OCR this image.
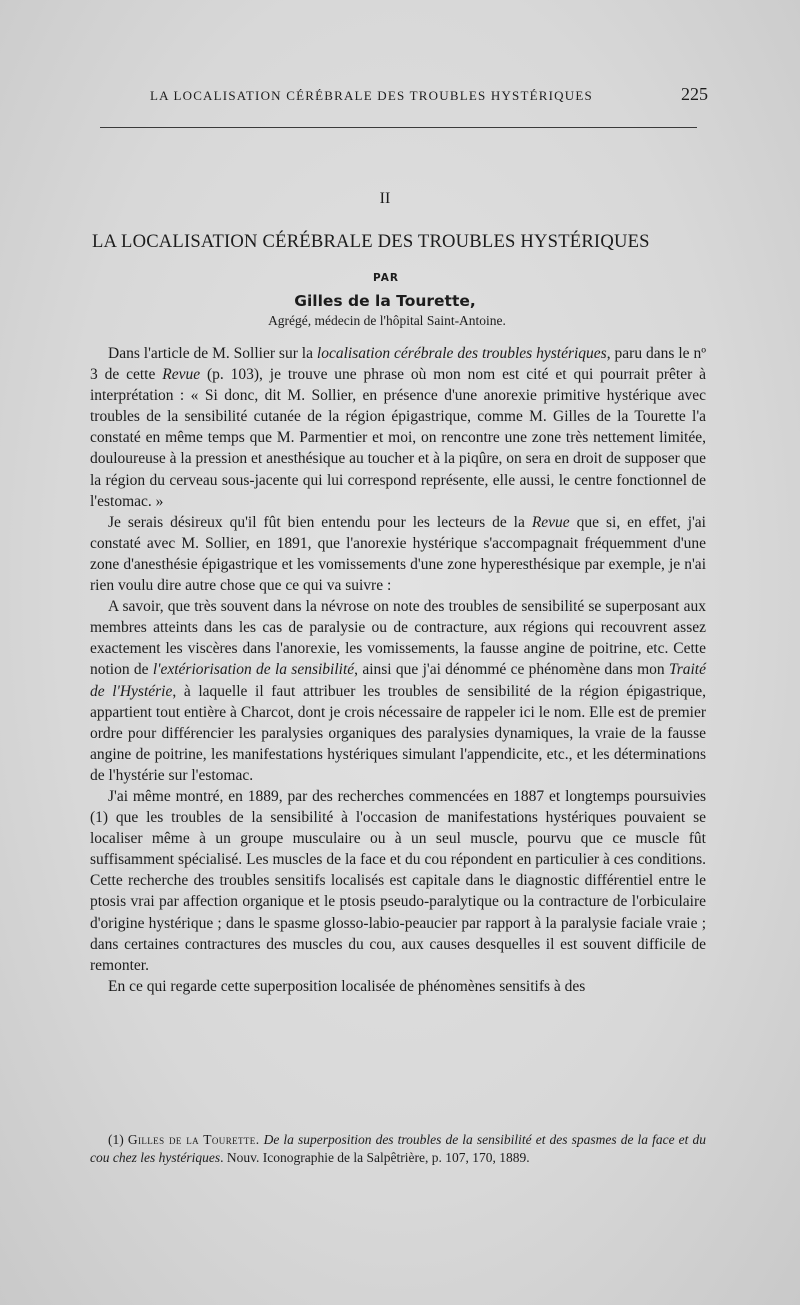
LA LOCALISATION CÉRÉBRALE DES TROUBLES HYSTÉRIQUES	225
II
LA LOCALISATION CÉRÉBRALE DES TROUBLES HYSTÉRIQUES
PAR
Gilles de la Tourette,
Agrégé, médecin de l'hôpital Saint-Antoine.

Dans l'article de M. Sollier sur la localisation cérébrale des troubles hystériques, paru dans le nº 3 de cette Revue (p. 103), je trouve une phrase où mon nom est cité et qui pourrait prêter à interprétation : « Si donc, dit M. Sollier, en présence d'une anorexie primitive hystérique avec troubles de la sensibilité cutanée de la région épigastrique, comme M. Gilles de la Tourette l'a constaté en même temps que M. Parmentier et moi, on rencontre une zone très nettement limitée, douloureuse à la pression et anesthésique au toucher et à la piqûre, on sera en droit de supposer que la région du cerveau sous-jacente qui lui correspond représente, elle aussi, le centre fonctionnel de l'estomac. »

Je serais désireux qu'il fût bien entendu pour les lecteurs de la Revue que si, en effet, j'ai constaté avec M. Sollier, en 1891, que l'anorexie hystérique s'accompagnait fréquemment d'une zone d'anesthésie épigastrique et les vomissements d'une zone hyperesthésique par exemple, je n'ai rien voulu dire autre chose que ce qui va suivre :

A savoir, que très souvent dans la névrose on note des troubles de sensibilité se superposant aux membres atteints dans les cas de paralysie ou de contracture, aux régions qui recouvrent assez exactement les viscères dans l'anorexie, les vomissements, la fausse angine de poitrine, etc. Cette notion de l'extériorisation de la sensibilité, ainsi que j'ai dénommé ce phénomène dans mon Traité de l'Hystérie, à laquelle il faut attribuer les troubles de sensibilité de la région épigastrique, appartient tout entière à Charcot, dont je crois nécessaire de rappeler ici le nom. Elle est de premier ordre pour différencier les paralysies organiques des paralysies dynamiques, la vraie de la fausse angine de poitrine, les manifestations hystériques simulant l'appendicite, etc., et les déterminations de l'hystérie sur l'estomac.

J'ai même montré, en 1889, par des recherches commencées en 1887 et longtemps poursuivies (1) que les troubles de la sensibilité à l'occasion de manifestations hystériques pouvaient se localiser même à un groupe musculaire ou à un seul muscle, pourvu que ce muscle fût suffisamment spécialisé. Les muscles de la face et du cou répondent en particulier à ces conditions. Cette recherche des troubles sensitifs localisés est capitale dans le diagnostic différentiel entre le ptosis vrai par affection organique et le ptosis pseudo-paralytique ou la contracture de l'orbiculaire d'origine hystérique ; dans le spasme glosso-labio-peaucier par rapport à la paralysie faciale vraie ; dans certaines contractures des muscles du cou, aux causes desquelles il est souvent difficile de remonter.

En ce qui regarde cette superposition localisée de phénomènes sensitifs à des

(1) Gilles de la Tourette. De la superposition des troubles de la sensibilité et des spasmes de la face et du cou chez les hystériques. Nouv. Iconographie de la Salpêtrière, p. 107, 170, 1889.
